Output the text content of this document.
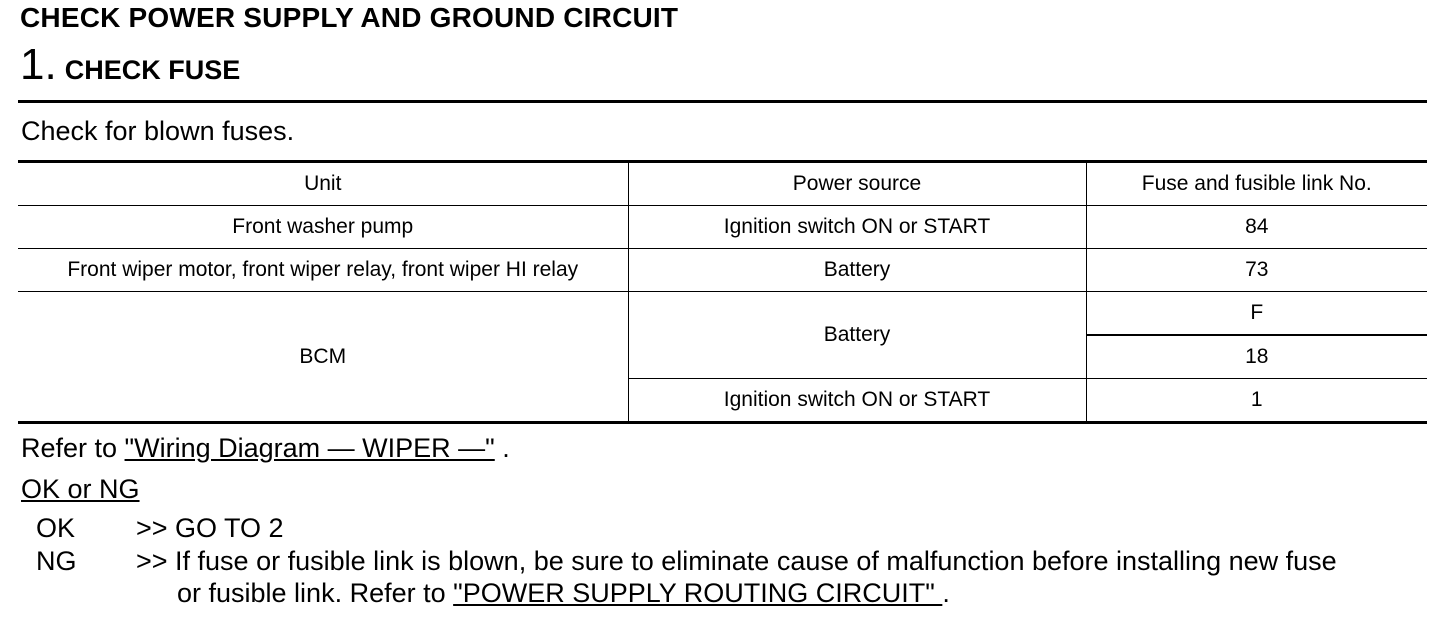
CHECK POWER SUPPLY AND GROUND CIRCUIT
1. CHECK FUSE
Check for blown fuses.
Unit	Power source	Fuse and fusible link No.
Front washer pump	Ignition switch ON or START	84
Front wiper motor, front wiper relay, front wiper HI relay	Battery	73
BCM	Battery	F
		18
	Ignition switch ON or START	1
Refer to "Wiring Diagram — WIPER —" .
OK or NG
OK >> GO TO 2
NG >> If fuse or fusible link is blown, be sure to eliminate cause of malfunction before installing new fuse
or fusible link. Refer to "POWER SUPPLY ROUTING CIRCUIT" .
